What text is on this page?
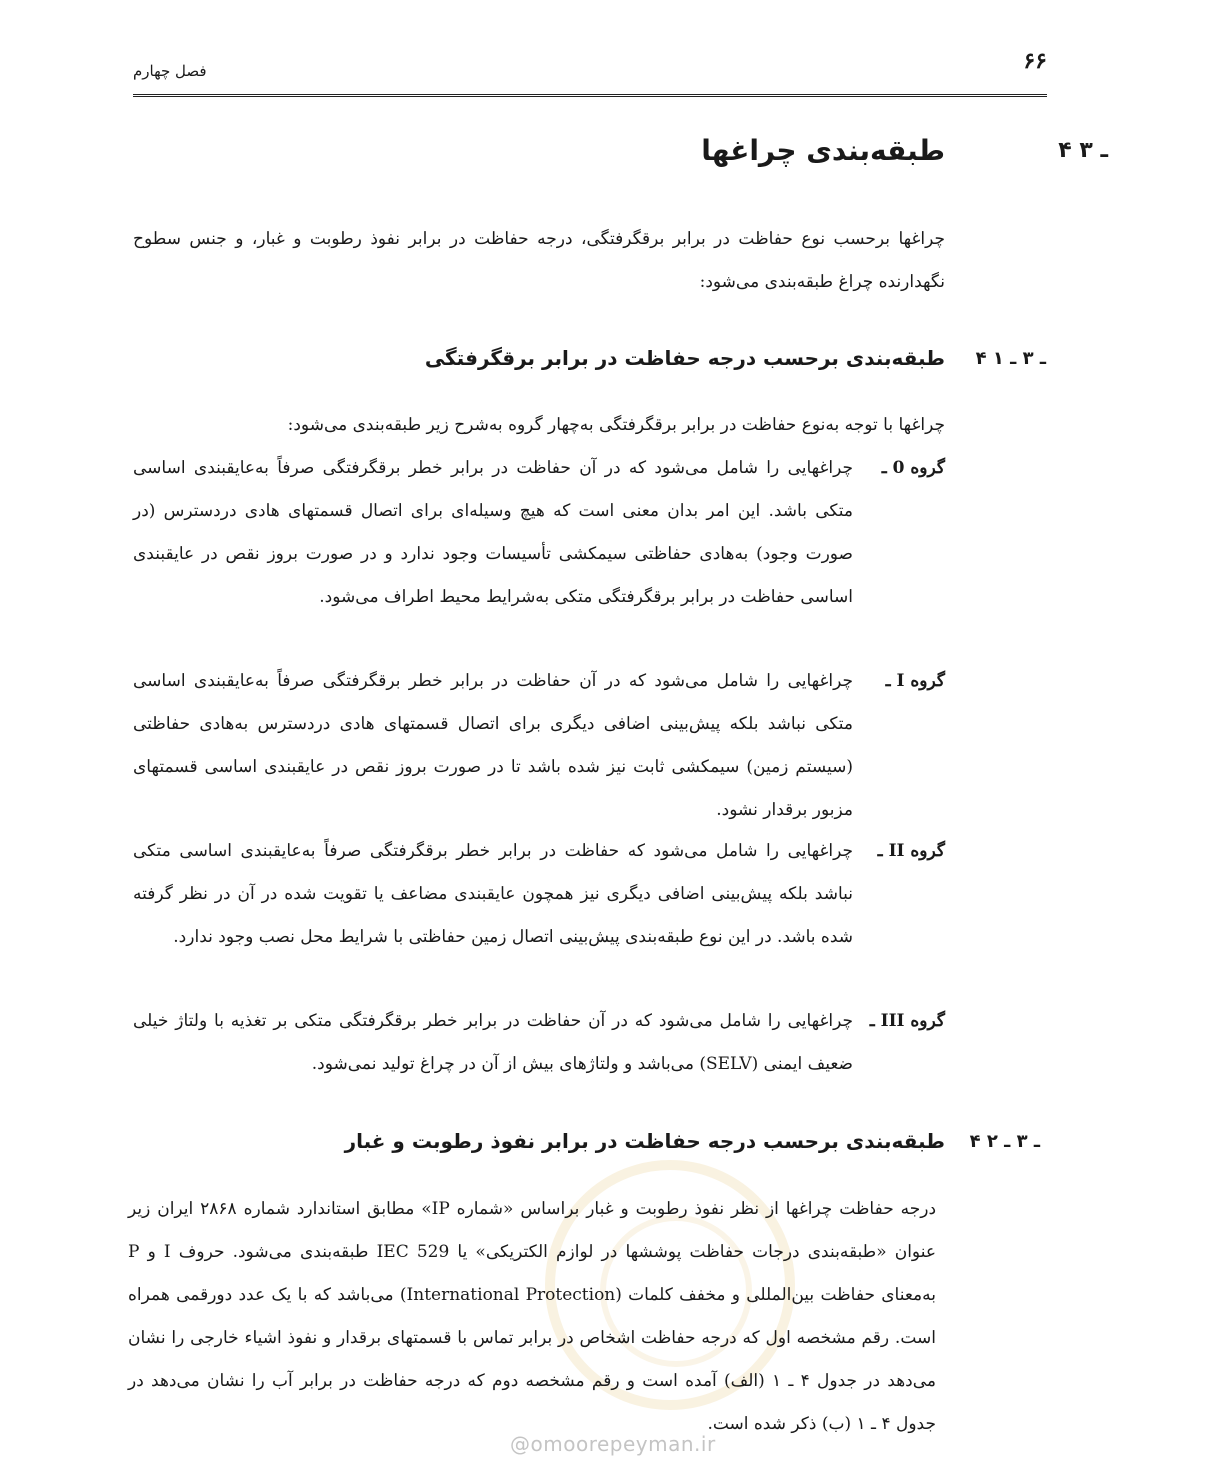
۶۶
فصل چهارم
۴ ـ ۳
طبقه‌بندی چراغها

چراغها برحسب نوع حفاظت در برابر برقگرفتگی، درجه حفاظت در برابر نفوذ رطوبت و غبار، و جنس سطوح نگهدارنده چراغ طبقه‌بندی می‌شود:

۴ ـ ۳ ـ ۱
طبقه‌بندی برحسب درجه حفاظت در برابر برقگرفتگی

چراغها با توجه به‌نوع حفاظت در برابر برقگرفتگی به‌چهار گروه به‌شرح زیر طبقه‌بندی می‌شود:

گروه 0 ـ

چراغهایی را شامل می‌شود که در آن حفاظت در برابر خطر برقگرفتگی صرفاً به‌عایقبندی اساسی متکی باشد. این امر بدان معنی است که هیچ وسیله‌ای برای اتصال قسمتهای هادی دردسترس (در صورت وجود) به‌هادی حفاظتی سیمکشی تأسیسات وجود ندارد و در صورت بروز نقص در عایقبندی اساسی حفاظت در برابر برقگرفتگی متکی به‌شرایط محیط اطراف می‌شود.

گروه I ـ

چراغهایی را شامل می‌شود که در آن حفاظت در برابر خطر برقگرفتگی صرفاً به‌عایقبندی اساسی متکی نباشد بلکه پیش‌بینی اضافی دیگری برای اتصال قسمتهای هادی دردسترس به‌هادی حفاظتی (سیستم زمین) سیمکشی ثابت نیز شده باشد تا در صورت بروز نقص در عایقبندی اساسی قسمتهای مزبور برقدار نشود.

گروه II ـ

چراغهایی را شامل می‌شود که حفاظت در برابر خطر برقگرفتگی صرفاً به‌عایقبندی اساسی متکی نباشد بلکه پیش‌بینی اضافی دیگری نیز همچون عایقبندی مضاعف یا تقویت شده در آن در نظر گرفته شده باشد. در این نوع طبقه‌بندی پیش‌بینی اتصال زمین حفاظتی با شرایط محل نصب وجود ندارد.

گروه III ـ

چراغهایی را شامل می‌شود که در آن حفاظت در برابر خطر برقگرفتگی متکی بر تغذیه با ولتاژ خیلی ضعیف ایمنی (SELV) می‌باشد و ولتاژهای بیش از آن در چراغ تولید نمی‌شود.

۴ ـ ۳ ـ ۲
طبقه‌بندی برحسب درجه حفاظت در برابر نفوذ رطوبت و غبار

درجه حفاظت چراغها از نظر نفوذ رطوبت و غبار براساس «شماره IP» مطابق استاندارد شماره ۲۸۶۸ ایران زیر عنوان «طبقه‌بندی درجات حفاظت پوششها در لوازم الکتریکی» یا IEC 529 طبقه‌بندی می‌شود. حروف I و P به‌معنای حفاظت بین‌المللی و مخفف کلمات (International Protection) می‌باشد که با یک عدد دورقمی همراه است. رقم مشخصه اول که درجه حفاظت اشخاص در برابر تماس با قسمتهای برقدار و نفوذ اشیاء خارجی را نشان می‌دهد در جدول ۴ ـ ۱ (الف) آمده است و رقم مشخصه دوم که درجه حفاظت در برابر آب را نشان می‌دهد در جدول ۴ ـ ۱ (ب) ذکر شده است.

@omoorepeyman.ir
